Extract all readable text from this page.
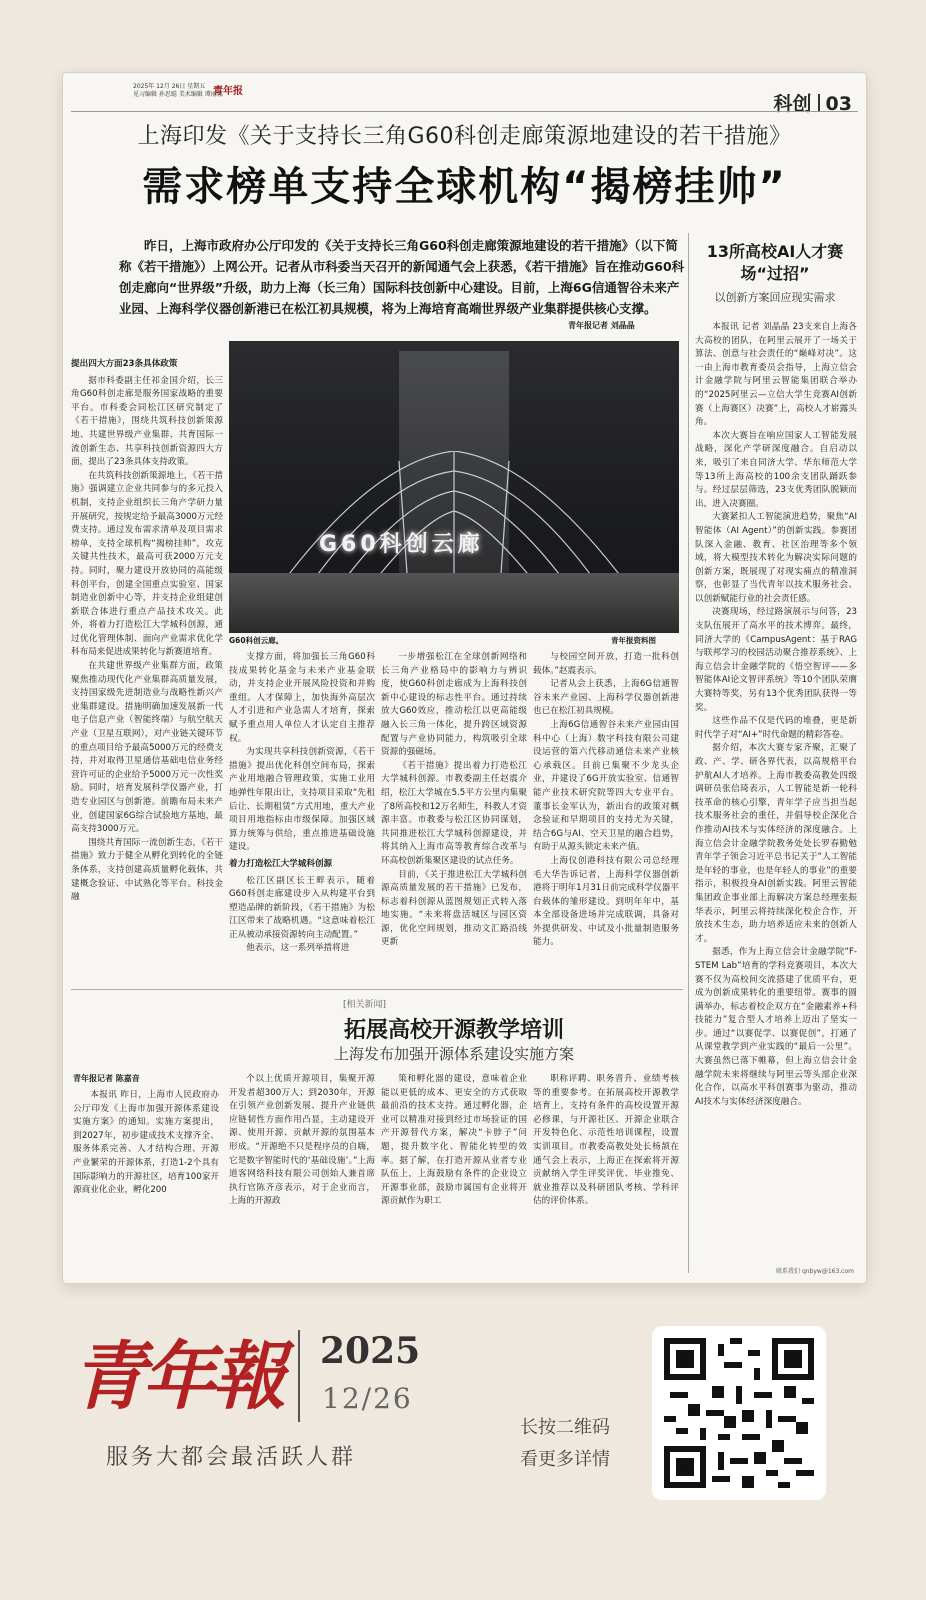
2025年 12月 26日 星期五
见习编辑 孙思聪 美术编辑 谭丽娜
青年报
科创 03
上海印发《关于支持长三角G60科创走廊策源地建设的若干措施》
需求榜单支持全球机构“揭榜挂帅”
昨日，上海市政府办公厅印发的《关于支持长三角G60科创走廊策源地建设的若干措施》（以下简称《若干措施》）上网公开。记者从市科委当天召开的新闻通气会上获悉，《若干措施》旨在推动G60科创走廊向“世界级”升级，助力上海（长三角）国际科技创新中心建设。目前，上海6G信通智谷未来产业园、上海科学仪器创新港已在松江初具规模，将为上海培育高端世界级产业集群提供核心支撑。
青年报记者 刘晶晶
13所高校AI人才赛场“过招”
以创新方案回应现实需求

提出四大方面23条具体政策

据市科委副主任祁金国介绍，长三角G60科创走廊是服务国家战略的重要平台。市科委会同松江区研究制定了《若干措施》，围绕共筑科技创新策源地、共建世界级产业集群、共育国际一流创新生态、共享科技创新资源四大方面，提出了23条具体支持政策。

在共筑科技创新策源地上，《若干措施》强调建立企业共同参与的多元投入机制，支持企业组织长三角产学研力量开展研究，按规定给予最高3000万元经费支持。通过发布需求清单及项目需求榜单，支持全球机构“揭榜挂帅”，攻克关键共性技术，最高可获2000万元支持。同时，聚力建设开放协同的高能级科创平台，创建全国重点实验室、国家制造业创新中心等，并支持企业组建创新联合体进行重点产品技术攻关。此外，将着力打造松江大学城科创源，通过优化管理体制、面向产业需求优化学科布局来促进成果转化与新赛道培育。

在共建世界级产业集群方面，政策聚焦推动现代化产业集群高质量发展，支持国家级先进制造业与战略性新兴产业集群建设。措施明确加速发展新一代电子信息产业（智能终端）与航空航天产业（卫星互联网），对产业链关键环节的重点项目给予最高5000万元的经费支持，并对取得卫星通信基础电信业务经营许可证的企业给予5000万元一次性奖励。同时，培育发展科学仪器产业，打造专业园区与创新港。前瞻布局未来产业，创建国家6G综合试验地方基地，最高支持3000万元。

围绕共育国际一流创新生态，《若干措施》致力于健全从孵化到转化的全链条体系，支持创建高质量孵化载体，共建概念验证、中试熟化等平台。科技金融

G60科创云廊
G60科创云廊。	青年报资料图

支撑方面，将加强长三角G60科技成果转化基金与未来产业基金联动，并支持企业开展风险投资和并购重组。人才保障上，加快海外高层次人才引进和产业急需人才培育，探索赋予重点用人单位人才认定自主推荐权。

为实现共享科技创新资源，《若干措施》提出优化科创空间布局，探索产业用地融合管理政策，实施工业用地弹性年限出让，支持项目采取“先租后让、长期租赁”方式用地，重大产业项目用地指标由市级保障。加强区域算力统筹与供给，重点推进基础设施建设。

着力打造松江大学城科创源

松江区副区长王畔表示，随着G60科创走廊建设步入从构建平台到塑造品牌的新阶段，《若干措施》为松江区带来了战略机遇。“这意味着松江正从被动承接资源转向主动配置。”

他表示，这一系列举措将进

一步增强松江在全球创新网络和长三角产业格局中的影响力与辨识度，使G60科创走廊成为上海科技创新中心建设的标志性平台。通过持续放大G60效应，推动松江以更高能级融入长三角一体化，提升跨区域资源配置与产业协同能力，构筑吸引全球资源的强磁场。

《若干措施》提出着力打造松江大学城科创源。市教委副主任赵震介绍，松江大学城在5.5平方公里内集聚了8所高校和12万名师生，科教人才资源丰富。市教委与松江区协同谋划，共同推进松江大学城科创源建设，并将其纳入上海市高等教育综合改革与环高校创新集聚区建设的试点任务。

目前，《关于推进松江大学城科创源高质量发展的若干措施》已发布，标志着科创源从蓝图规划正式转入落地实施。“未来将盘活城区与园区资源，优化空间规划，推动文汇路沿线更新

与校园空间开放，打造一批科创载体。”赵震表示。

记者从会上获悉，上海6G信通智谷未来产业园、上海科学仪器创新港也已在松江初具规模。

上海6G信通智谷未来产业园由国科中心（上海）数字科技有限公司建设运营的第六代移动通信未来产业核心承载区。目前已集聚不少龙头企业，并建设了6G开放实验室、信通智能产业技术研究院等四大专业平台。董事长金军认为，新出台的政策对概念验证和早期项目的支持尤为关键，结合6G与AI、空天卫星的融合趋势，有助于从源头锁定未来产值。

上海仪创港科技有限公司总经理毛大华告诉记者，上海科学仪器创新港将于明年1月31日前完成科学仪器平台载体的雏形建设。到明年年中，基本全部设备进场并完成联调，具备对外提供研发、中试及小批量制造服务能力。

本报讯 记者 刘晶晶 23支来自上海各大高校的团队，在阿里云展开了一场关于算法、创意与社会责任的“巅峰对决”。这一由上海市教育委员会指导，上海立信会计金融学院与阿里云智能集团联合举办的“2025阿里云—立信大学生竞赛AI创新赛（上海赛区）决赛”上，高校人才崭露头角。

本次大赛旨在响应国家人工智能发展战略，深化产学研深度融合。自启动以来，吸引了来自同济大学、华东师范大学等13所上海高校的100余支团队踊跃参与。经过层层筛选，23支优秀团队脱颖而出，进入决赛圈。

大赛紧扣人工智能演进趋势，聚焦“AI智能体（AI Agent）”的创新实践。参赛团队深入金融、教育、社区治理等多个领域，将大模型技术转化为解决实际问题的创新方案，既展现了对现实痛点的精准洞察，也彰显了当代青年以技术服务社会、以创新赋能行业的社会责任感。

决赛现场，经过路演展示与问答，23支队伍展开了高水平的技术博弈。最终，同济大学的《CampusAgent：基于RAG与联邦学习的校园活动聚合推荐系统》、上海立信会计金融学院的《悟空智评——多智能体AI论文智评系统》等10个团队荣膺大赛特等奖，另有13个优秀团队获得一等奖。

这些作品不仅是代码的堆叠，更是新时代学子对“AI+”时代命题的精彩答卷。

据介绍，本次大赛专家齐聚，汇聚了政、产、学、研各界代表，以高规格平台护航AI人才培养。上海市教委高教处四级调研员张信琦表示，人工智能是新一轮科技革命的核心引擎，青年学子应当担当起技术服务社会的重任，并倡导校企深化合作推动AI技术与实体经济的深度融合。上海立信会计金融学院教务处处长罗春勤勉青年学子领会习近平总书记关于“人工智能是年轻的事业，也是年轻人的事业”的重要指示，积极投身AI创新实践。阿里云智能集团政企事业部上海解决方案总经理张振华表示，阿里云将持续深化校企合作，开放技术生态，助力培养适应未来的创新人才。

据悉，作为上海立信会计金融学院“F-STEM Lab”培育的学科竞赛项目，本次大赛不仅为高校间交流搭建了优质平台，更成为创新成果转化的重要纽带。赛事的圆满举办，标志着校企双方在“金融素养+科技能力”复合型人才培养上迈出了坚实一步。通过“以赛促学、以赛促创”，打通了从课堂教学到产业实践的“最后一公里”。大赛虽然已落下帷幕，但上海立信会计金融学院未来将继续与阿里云等头部企业深化合作，以高水平科创赛事为驱动，推动AI技术与实体经济深度融合。

[相关新闻]
拓展高校开源教学培训
上海发布加强开源体系建设实施方案
青年报记者 陈嘉音

本报讯 昨日，上海市人民政府办公厅印发《上海市加强开源体系建设实施方案》的通知。实施方案提出，到2027年，初步建成技术支撑齐全、服务体系完善、人才结构合理、开源产业繁荣的开源体系，打造1-2个具有国际影响力的开源社区，培育100家开源商业化企业，孵化200

个以上优质开源项目，集聚开源开发者超300万人；到2030年，开源在引领产业创新发展、提升产业链供应链韧性方面作用凸显，主动建设开源、使用开源、贡献开源的氛围基本形成。“开源绝不只是程序员的自嗨，它是数字智能时代的‘基础设施’。”上海道客网络科技有限公司创始人兼首席执行官陈齐彦表示，对于企业而言，上海的开源政

策和孵化器的建设，意味着企业能以更低的成本、更安全的方式获取最前沿的技术支持。通过孵化器，企业可以精准对接到经过市场验证的国产开源替代方案，解决“卡脖子”问题，提升数字化、智能化转型的效率。据了解，在打造开源从业者专业队伍上，上海鼓励有条件的企业设立开源事业部，鼓励市属国有企业将开源贡献作为职工

职称评聘、职务晋升、业绩考核等的重要参考。在拓展高校开源教学培育上，支持有条件的高校设置开源必修课，与开源社区、开源企业联合开发特色化、示范性培训课程，设置实训项目。市教委高教处处长杨颉在通气会上表示，上海正在探索将开源贡献纳入学生评奖评优、毕业推免、就业推荐以及科研团队考核、学科评估的评价体系。

联系我们 qnbyw@163.com
青年報 2025
12/26
服务大都会最活跃人群
长按二维码
看更多详情
